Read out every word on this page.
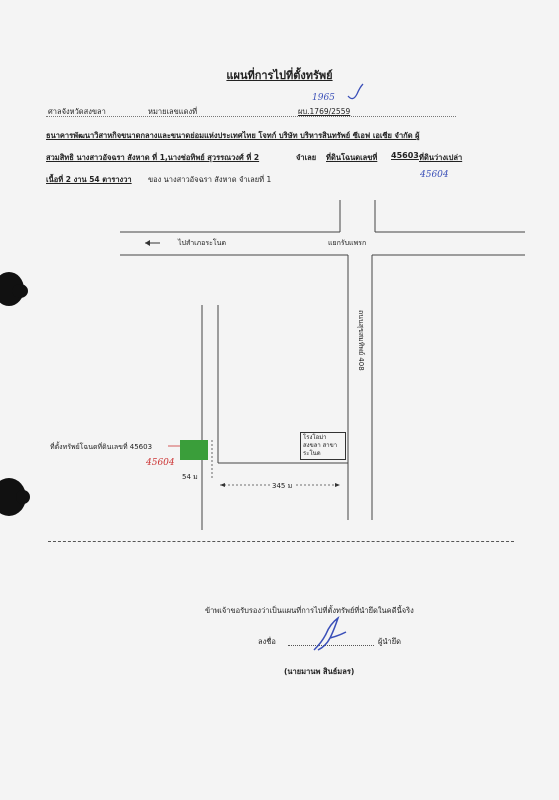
แผนที่การไปที่ตั้งทรัพย์
ศาลจังหวัดสงขลา	หมายเลขแดงที่	ผบ.1769/2559
1965
ธนาคารพัฒนาวิสาหกิจขนาดกลางและขนาดย่อมแห่งประเทศไทย โจทก์ บริษัท บริหารสินทรัพย์ ซีเอฟ เอเซีย จำกัด ผู้
สวมสิทธิ นางสาวอัจฉรา สังหาด ที่ 1,นางช่อทิพย์ สุวรรณวงศ์ ที่ 2	จำเลย ที่ดินโฉนดเลขที่ 45603 ที่ดินว่างเปล่า
45604
เนื้อที่ 2 งาน 54 ตารางวา ของ นางสาวอัจฉรา สังหาด จำเลยที่ 1
ไปสำเภอระโนด	แยกรับแพรก
ถนนสุขสมทิพย์ 408
ที่ตั้งทรัพย์โฉนดที่ดินเลขที่ 45603
45604
54 ม
345 ม
โรงโอม่า สงขลา สาขาระโนด
ข้าพเจ้าขอรับรองว่าเป็นแผนที่การไปที่ตั้งทรัพย์ที่นำยึดในคดีนี้จริง
ลงชื่อ	ผู้นำยึด
(นายมานพ สินธ์มลร)
